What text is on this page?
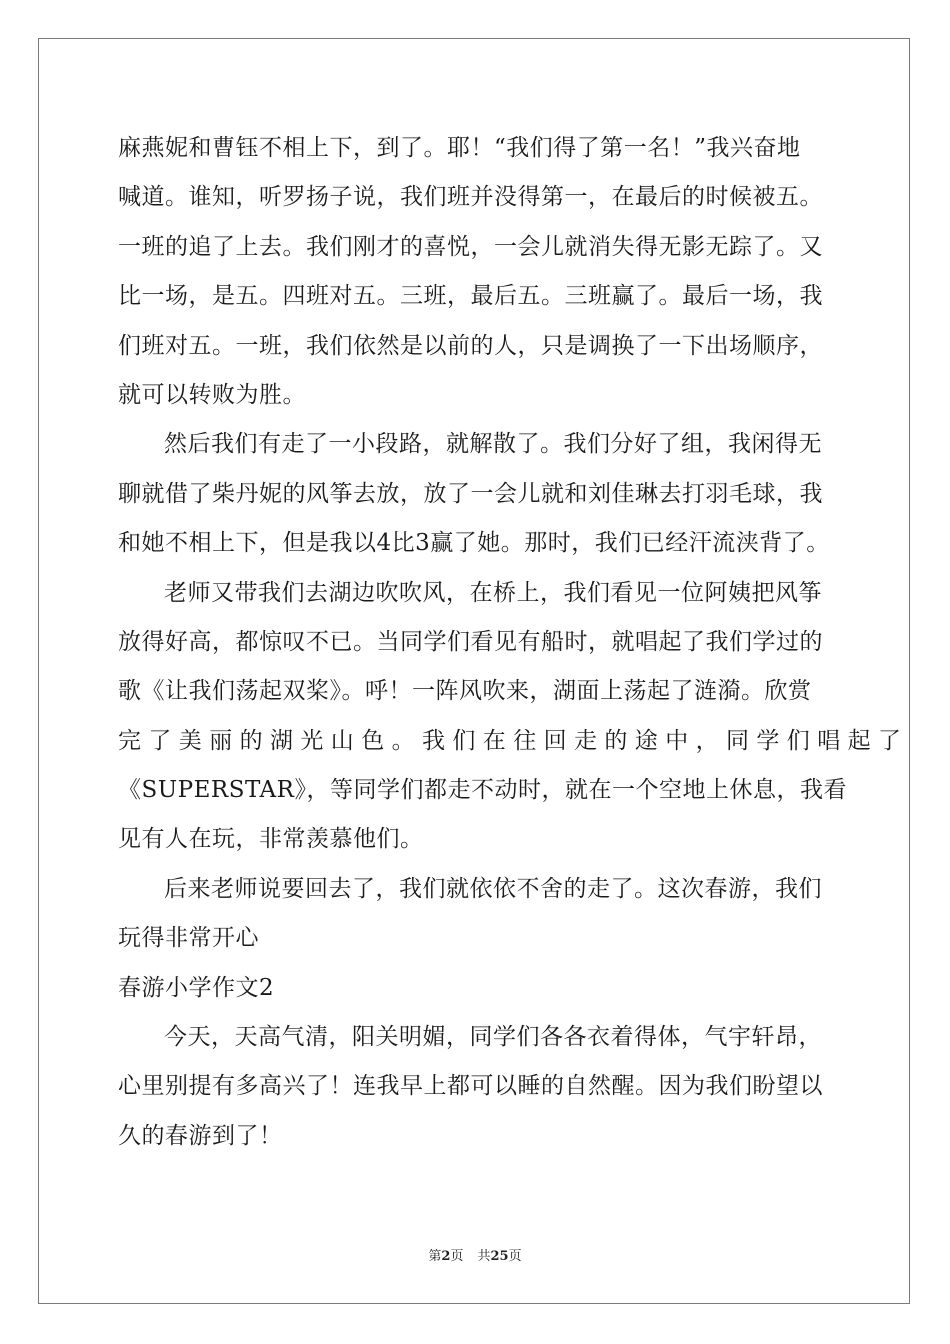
麻燕妮和曹钰不相上下，到了。耶！“我们得了第一名！”我兴奋地
喊道。谁知，听罗扬子说，我们班并没得第一，在最后的时候被五。
一班的追了上去。我们刚才的喜悦，一会儿就消失得无影无踪了。又
比一场，是五。四班对五。三班，最后五。三班赢了。最后一场，我
们班对五。一班，我们依然是以前的人，只是调换了一下出场顺序，
就可以转败为胜。
然后我们有走了一小段路，就解散了。我们分好了组，我闲得无
聊就借了柴丹妮的风筝去放，放了一会儿就和刘佳琳去打羽毛球，我
和她不相上下，但是我以4比3赢了她。那时，我们已经汗流浃背了。
老师又带我们去湖边吹吹风，在桥上，我们看见一位阿姨把风筝
放得好高，都惊叹不已。当同学们看见有船时，就唱起了我们学过的
歌《让我们荡起双桨》。呼！一阵风吹来，湖面上荡起了涟漪。欣赏
完了美丽的湖光山色。我们在往回走的途中，同学们唱起了
《SUPERSTAR》，等同学们都走不动时，就在一个空地上休息，我看
见有人在玩，非常羡慕他们。
后来老师说要回去了，我们就依依不舍的走了。这次春游，我们
玩得非常开心
春游小学作文2
今天，天高气清，阳关明媚，同学们各各衣着得体，气宇轩昂，
心里别提有多高兴了！连我早上都可以睡的自然醒。因为我们盼望以
久的春游到了！
第2页 共25页
